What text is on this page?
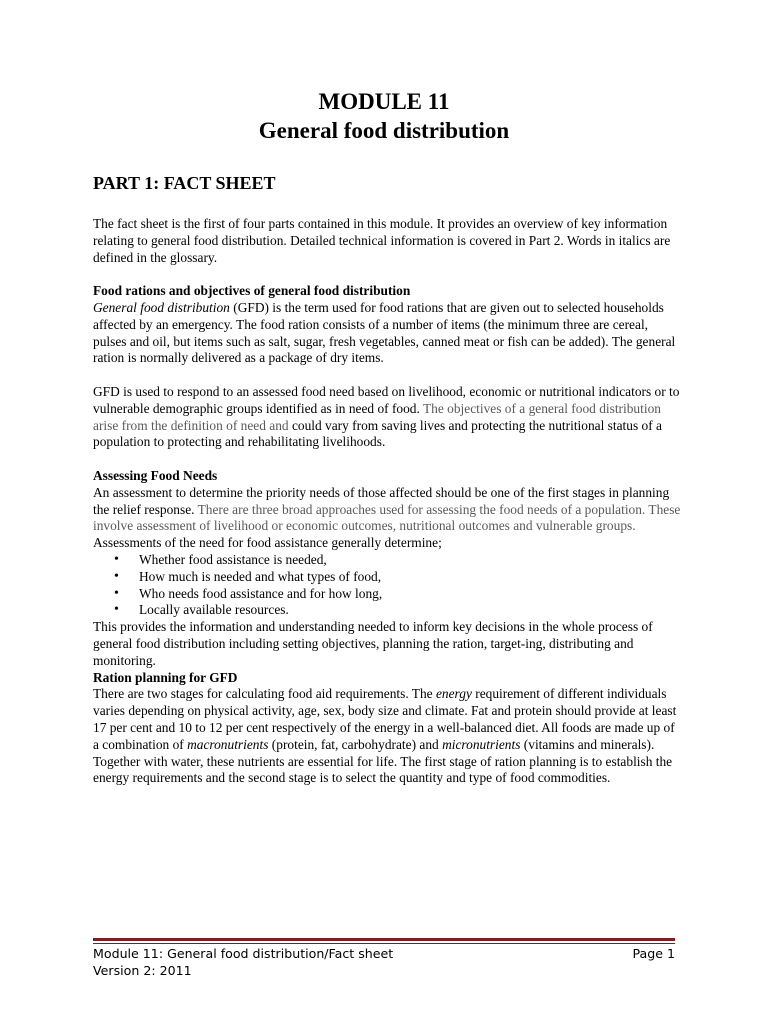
MODULE 11
General food distribution
PART 1: FACT SHEET

The fact sheet is the first of four parts contained in this module. It provides an overview of key information relating to general food distribution. Detailed technical information is covered in Part 2. Words in italics are defined in the glossary.

Food rations and objectives of general food distribution

General food distribution (GFD) is the term used for food rations that are given out to selected households affected by an emergency. The food ration consists of a number of items (the minimum three are cereal, pulses and oil, but items such as salt, sugar, fresh vegetables, canned meat or fish can be added). The general ration is normally delivered as a package of dry items.

GFD is used to respond to an assessed food need based on livelihood, economic or nutritional indicators or to vulnerable demographic groups identified as in need of food. The objectives of a general food distribution arise from the definition of need and could vary from saving lives and protecting the nutritional status of a population to protecting and rehabilitating livelihoods.

Assessing Food Needs

An assessment to determine the priority needs of those affected should be one of the first stages in planning the relief response. There are three broad approaches used for assessing the food needs of a population. These involve assessment of livelihood or economic outcomes, nutritional outcomes and vulnerable groups. Assessments of the need for food assistance generally determine;

• Whether food assistance is needed,
• How much is needed and what types of food,
• Who needs food assistance and for how long,
• Locally available resources.

This provides the information and understanding needed to inform key decisions in the whole process of general food distribution including setting objectives, planning the ration, target-ing, distributing and monitoring.

Ration planning for GFD

There are two stages for calculating food aid requirements. The energy requirement of different individuals varies depending on physical activity, age, sex, body size and climate. Fat and protein should provide at least 17 per cent and 10 to 12 per cent respectively of the energy in a well-balanced diet. All foods are made up of a combination of macronutrients (protein, fat, carbohydrate) and micronutrients (vitamins and minerals). Together with water, these nutrients are essential for life. The first stage of ration planning is to establish the energy requirements and the second stage is to select the quantity and type of food commodities.

Module 11: General food distribution/Fact sheet	Page 1
Version 2: 2011
